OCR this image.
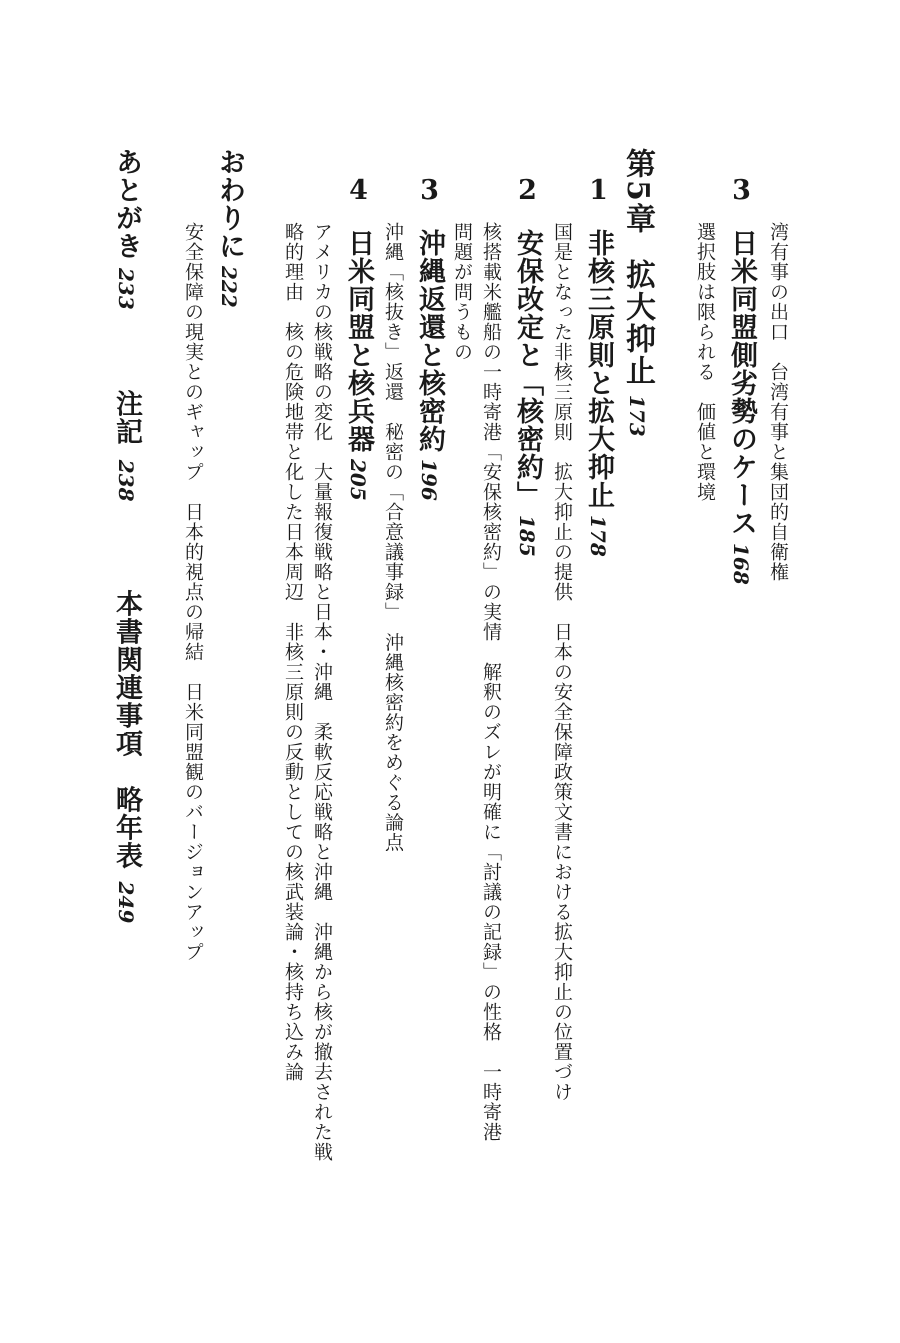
湾有事の出口　台湾有事と集団的自衛権
3日米同盟側劣勢のケース168
選択肢は限られる　価値と環境
第5章拡大抑止173
1非核三原則と拡大抑止178
国是となった非核三原則　拡大抑止の提供　日本の安全保障政策文書における拡大抑止の位置づけ
2安保改定と「核密約」185
核搭載米艦船の一時寄港「安保核密約」の実情　解釈のズレが明確に「討議の記録」の性格　一時寄港
問題が問うもの
3沖縄返還と核密約196
沖縄「核抜き」返還　秘密の「合意議事録」　沖縄核密約をめぐる論点
4日米同盟と核兵器205
アメリカの核戦略の変化　大量報復戦略と日本・沖縄　柔軟反応戦略と沖縄　沖縄から核が撤去された戦
略的理由　核の危険地帯と化した日本周辺　非核三原則の反動としての核武装論・核持ち込み論
おわりに222
安全保障の現実とのギャップ　日本的視点の帰結　日米同盟観のバージョンアップ
あとがき233注記238本書関連事項　略年表249
